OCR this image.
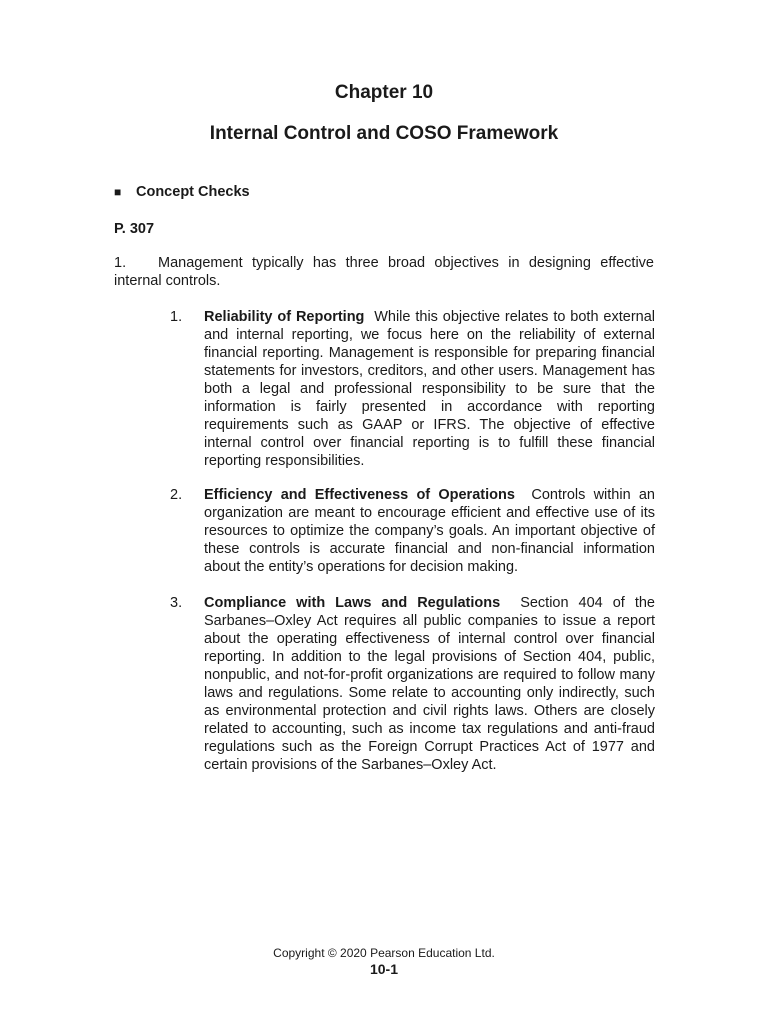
Chapter 10
Internal Control and COSO Framework
■ Concept Checks
P. 307
1. Management typically has three broad objectives in designing effective internal controls.
1.	Reliability of Reporting While this objective relates to both external and internal reporting, we focus here on the reliability of external financial reporting. Management is responsible for preparing financial statements for investors, creditors, and other users. Management has both a legal and professional responsibility to be sure that the information is fairly presented in accordance with reporting requirements such as GAAP or IFRS. The objective of effective internal control over financial reporting is to fulfill these financial reporting responsibilities.
2.	Efficiency and Effectiveness of Operations Controls within an organization are meant to encourage efficient and effective use of its resources to optimize the company’s goals. An important objective of these controls is accurate financial and non-financial information about the entity’s operations for decision making.
3.	Compliance with Laws and Regulations Section 404 of the Sarbanes–Oxley Act requires all public companies to issue a report about the operating effectiveness of internal control over financial reporting. In addition to the legal provisions of Section 404, public, nonpublic, and not-for-profit organizations are required to follow many laws and regulations. Some relate to accounting only indirectly, such as environmental protection and civil rights laws. Others are closely related to accounting, such as income tax regulations and anti-fraud regulations such as the Foreign Corrupt Practices Act of 1977 and certain provisions of the Sarbanes–Oxley Act.
Copyright © 2020 Pearson Education Ltd.
10-1
